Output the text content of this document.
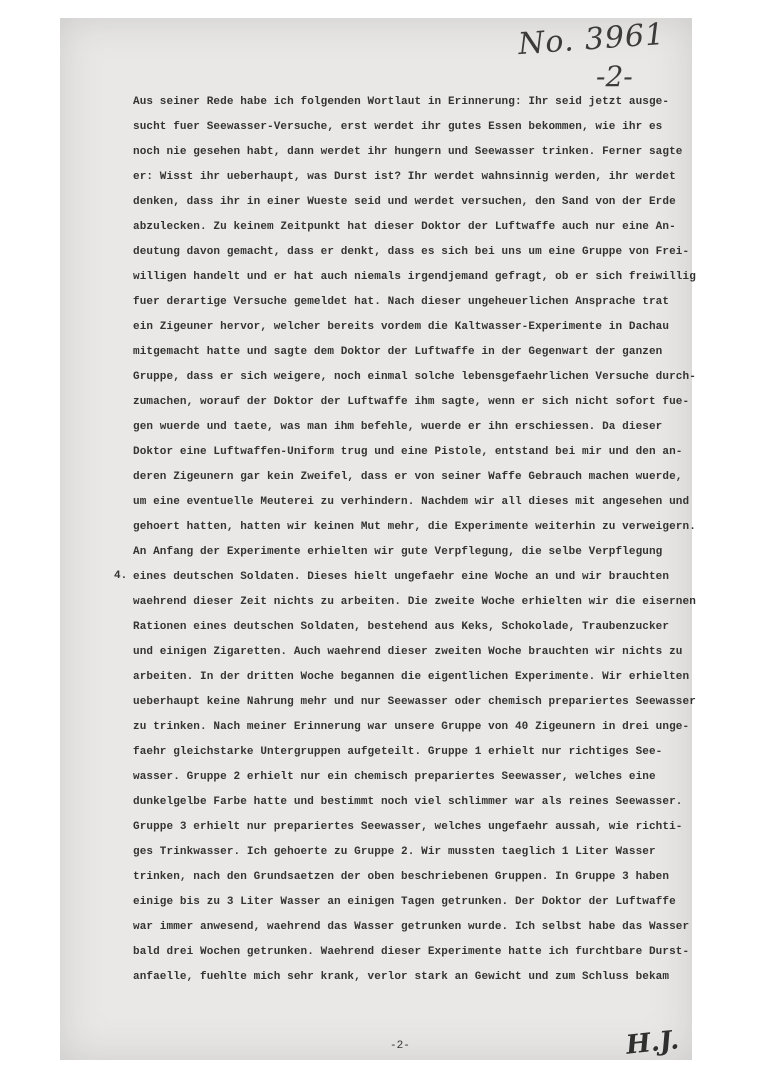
No. 3961
-2-
4.
Aus seiner Rede habe ich folgenden Wortlaut in Erinnerung: Ihr seid jetzt ausge-
sucht fuer Seewasser-Versuche, erst werdet ihr gutes Essen bekommen, wie ihr es
noch nie gesehen habt, dann werdet ihr hungern und Seewasser trinken. Ferner sagte
er: Wisst ihr ueberhaupt, was Durst ist? Ihr werdet wahnsinnig werden, ihr werdet
denken, dass ihr in einer Wueste seid und werdet versuchen, den Sand von der Erde
abzulecken. Zu keinem Zeitpunkt hat dieser Doktor der Luftwaffe auch nur eine An-
deutung davon gemacht, dass er denkt, dass es sich bei uns um eine Gruppe von Frei-
willigen handelt und er hat auch niemals irgendjemand gefragt, ob er sich freiwillig
fuer derartige Versuche gemeldet hat. Nach dieser ungeheuerlichen Ansprache trat
ein Zigeuner hervor, welcher bereits vordem die Kaltwasser-Experimente in Dachau
mitgemacht hatte und sagte dem Doktor der Luftwaffe in der Gegenwart der ganzen
Gruppe, dass er sich weigere, noch einmal solche lebensgefaehrlichen Versuche durch-
zumachen, worauf der Doktor der Luftwaffe ihm sagte, wenn er sich nicht sofort fue-
gen wuerde und taete, was man ihm befehle, wuerde er ihn erschiessen. Da dieser
Doktor eine Luftwaffen-Uniform trug und eine Pistole, entstand bei mir und den an-
deren Zigeunern gar kein Zweifel, dass er von seiner Waffe Gebrauch machen wuerde,
um eine eventuelle Meuterei zu verhindern. Nachdem wir all dieses mit angesehen und
gehoert hatten, hatten wir keinen Mut mehr, die Experimente weiterhin zu verweigern.
An Anfang der Experimente erhielten wir gute Verpflegung, die selbe Verpflegung
eines deutschen Soldaten. Dieses hielt ungefaehr eine Woche an und wir brauchten
waehrend dieser Zeit nichts zu arbeiten. Die zweite Woche erhielten wir die eisernen
Rationen eines deutschen Soldaten, bestehend aus Keks, Schokolade, Traubenzucker
und einigen Zigaretten. Auch waehrend dieser zweiten Woche brauchten wir nichts zu
arbeiten. In der dritten Woche begannen die eigentlichen Experimente. Wir erhielten
ueberhaupt keine Nahrung mehr und nur Seewasser oder chemisch prepariertes Seewasser
zu trinken. Nach meiner Erinnerung war unsere Gruppe von 40 Zigeunern in drei unge-
faehr gleichstarke Untergruppen aufgeteilt. Gruppe 1 erhielt nur richtiges See-
wasser. Gruppe 2 erhielt nur ein chemisch prepariertes Seewasser, welches eine
dunkelgelbe Farbe hatte und bestimmt noch viel schlimmer war als reines Seewasser.
Gruppe 3 erhielt nur prepariertes Seewasser, welches ungefaehr aussah, wie richti-
ges Trinkwasser. Ich gehoerte zu Gruppe 2. Wir mussten taeglich 1 Liter Wasser
trinken, nach den Grundsaetzen der oben beschriebenen Gruppen. In Gruppe 3 haben
einige bis zu 3 Liter Wasser an einigen Tagen getrunken. Der Doktor der Luftwaffe
war immer anwesend, waehrend das Wasser getrunken wurde. Ich selbst habe das Wasser
bald drei Wochen getrunken. Waehrend dieser Experimente hatte ich furchtbare Durst-
anfaelle, fuehlte mich sehr krank, verlor stark an Gewicht und zum Schluss bekam
-2-	H.J.
